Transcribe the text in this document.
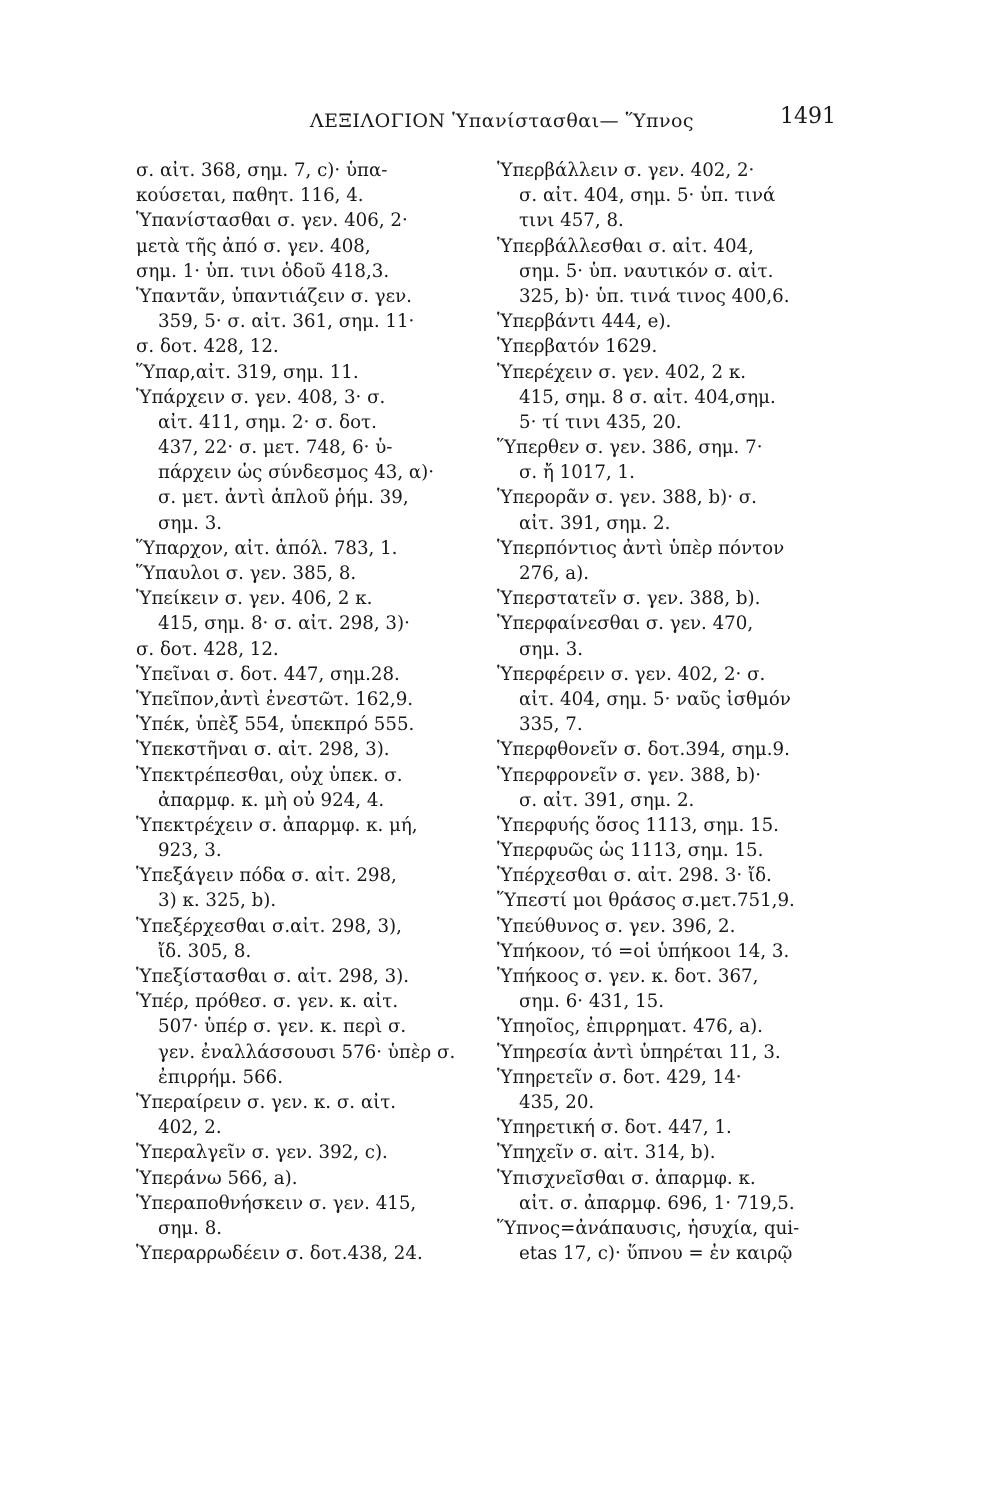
ΛΕΞΙΛΟΓΙΟΝ Ὑπανίστασθαι— Ὕπνος	1491
σ. αἰτ. 368, σημ. 7, c)· ὑπα-
κούσεται, παθητ. 116, 4.
Ὑπανίστασθαι σ. γεν. 406, 2·
μετὰ τῆς ἀπό σ. γεν. 408,
σημ. 1· ὑπ. τινι ὁδοῦ 418,3.
Ὑπαντᾶν, ὑπαντιάζειν σ. γεν.
359, 5· σ. αἰτ. 361, σημ. 11·
σ. δοτ. 428, 12.
Ὕπαρ,αἰτ. 319, σημ. 11.
Ὑπάρχειν σ. γεν. 408, 3· σ.
αἰτ. 411, σημ. 2· σ. δοτ.
437, 22· σ. μετ. 748, 6· ὑ-
πάρχειν ὡς σύνδεσμος 43, α)·
σ. μετ. ἀντὶ ἁπλοῦ ῥήμ. 39,
σημ. 3.
Ὕπαρχον, αἰτ. ἀπόλ. 783, 1.
Ὕπαυλοι σ. γεν. 385, 8.
Ὑπείκειν σ. γεν. 406, 2 κ.
415, σημ. 8· σ. αἰτ. 298, 3)·
σ. δοτ. 428, 12.
Ὑπεῖναι σ. δοτ. 447, σημ.28.
Ὑπεῖπον,ἀντὶ ἐνεστῶτ. 162,9.
Ὑπέκ, ὑπὲξ 554, ὑπεκπρό 555.
Ὑπεκστῆναι σ. αἰτ. 298, 3).
Ὑπεκτρέπεσθαι, οὐχ ὑπεκ. σ.
ἀπαρμφ. κ. μὴ οὐ 924, 4.
Ὑπεκτρέχειν σ. ἀπαρμφ. κ. μή,
923, 3.
Ὑπεξάγειν πόδα σ. αἰτ. 298,
3) κ. 325, b).
Ὑπεξέρχεσθαι σ.αἰτ. 298, 3),
ἴδ. 305, 8.
Ὑπεξίστασθαι σ. αἰτ. 298, 3).
Ὑπέρ, πρόθεσ. σ. γεν. κ. αἰτ.
507· ὑπέρ σ. γεν. κ. περὶ σ.
γεν. ἐναλλάσσουσι 576· ὑπὲρ σ.
ἐπιρρήμ. 566.
Ὑπεραίρειν σ. γεν. κ. σ. αἰτ.
402, 2.
Ὑπεραλγεῖν σ. γεν. 392, c).
Ὑπεράνω 566, a).
Ὑπεραποθνήσκειν σ. γεν. 415,
σημ. 8.
Ὑπεραρρωδέειν σ. δοτ.438, 24.
Ὑπερβάλλειν σ. γεν. 402, 2·
σ. αἰτ. 404, σημ. 5· ὑπ. τινά
τινι 457, 8.
Ὑπερβάλλεσθαι σ. αἰτ. 404,
σημ. 5· ὑπ. ναυτικόν σ. αἰτ.
325, b)· ὑπ. τινά τινος 400,6.
Ὑπερβάντι 444, e).
Ὑπερβατόν 1629.
Ὑπερέχειν σ. γεν. 402, 2 κ.
415, σημ. 8 σ. αἰτ. 404,σημ.
5· τί τινι 435, 20.
Ὕπερθεν σ. γεν. 386, σημ. 7·
σ. ἤ 1017, 1.
Ὑπερορᾶν σ. γεν. 388, b)· σ.
αἰτ. 391, σημ. 2.
Ὑπερπόντιος ἀντὶ ὑπὲρ πόντον
276, a).
Ὑπερστατεῖν σ. γεν. 388, b).
Ὑπερφαίνεσθαι σ. γεν. 470,
σημ. 3.
Ὑπερφέρειν σ. γεν. 402, 2· σ.
αἰτ. 404, σημ. 5· ναῦς ἰσθμόν
335, 7.
Ὑπερφθονεῖν σ. δοτ.394, σημ.9.
Ὑπερφρονεῖν σ. γεν. 388, b)·
σ. αἰτ. 391, σημ. 2.
Ὑπερφυής ὅσος 1113, σημ. 15.
Ὑπερφυῶς ὡς 1113, σημ. 15.
Ὑπέρχεσθαι σ. αἰτ. 298. 3· ἴδ.
Ὕπεστί μοι θράσος σ.μετ.751,9.
Ὑπεύθυνος σ. γεν. 396, 2.
Ὑπήκοον, τό =οἱ ὑπήκοοι 14, 3.
Ὑπήκοος σ. γεν. κ. δοτ. 367,
σημ. 6· 431, 15.
Ὑπηοῖος, ἐπιρρηματ. 476, a).
Ὑπηρεσία ἀντὶ ὑπηρέται 11, 3.
Ὑπηρετεῖν σ. δοτ. 429, 14·
435, 20.
Ὑπηρετική σ. δοτ. 447, 1.
Ὑπηχεῖν σ. αἰτ. 314, b).
Ὑπισχνεῖσθαι σ. ἀπαρμφ. κ.
αἰτ. σ. ἀπαρμφ. 696, 1· 719,5.
Ὕπνος=ἀνάπαυσις, ἡσυχία, qui-
etas 17, c)· ὕπνου = ἐν καιρῷ
